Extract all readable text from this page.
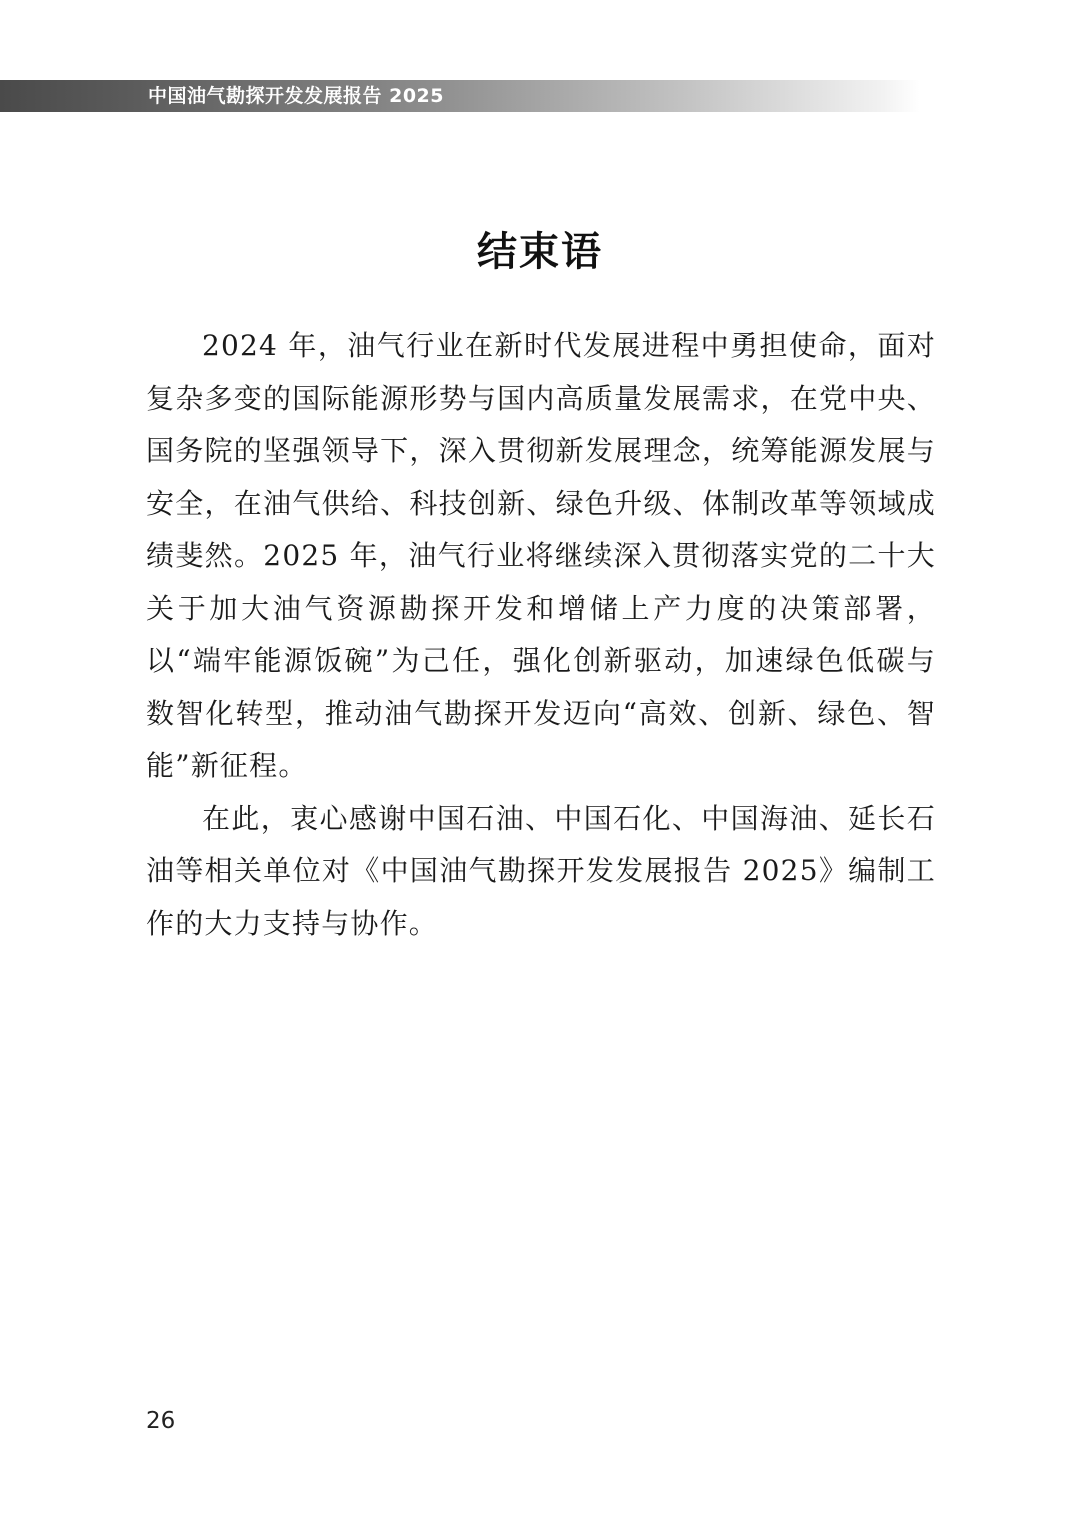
中国油气勘探开发发展报告 2025
结束语

2024 年，油气行业在新时代发展进程中勇担使命，面对复杂多变的国际能源形势与国内高质量发展需求，在党中央、国务院的坚强领导下，深入贯彻新发展理念，统筹能源发展与安全，在油气供给、科技创新、绿色升级、体制改革等领域成绩斐然。2025 年，油气行业将继续深入贯彻落实党的二十大关于加大油气资源勘探开发和增储上产力度的决策部署，以“端牢能源饭碗”为己任，强化创新驱动，加速绿色低碳与数智化转型，推动油气勘探开发迈向“高效、创新、绿色、智能”新征程。

在此，衷心感谢中国石油、中国石化、中国海油、延长石油等相关单位对《中国油气勘探开发发展报告 2025》编制工作的大力支持与协作。

26
